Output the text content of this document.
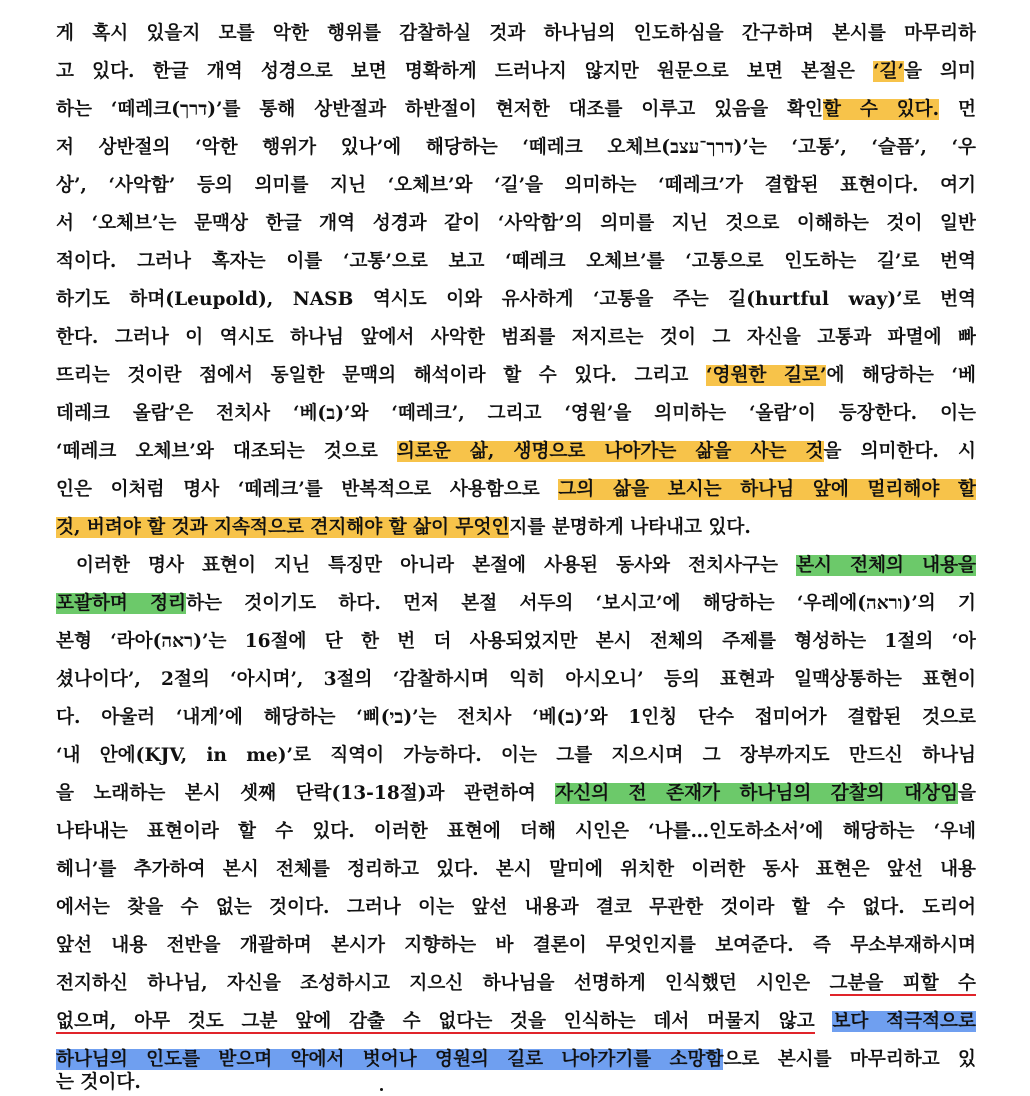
게 혹시 있을지 모를 악한 행위를 감찰하실 것과 하나님의 인도하심을 간구하며 본시를 마무리하
고 있다. 한글 개역 성경으로 보면 명확하게 드러나지 않지만 원문으로 보면 본절은 ‘길’을 의미
하는 ‘떼레크(דרך)’를 통해 상반절과 하반절이 현저한 대조를 이루고 있음을 확인할 수 있다. 먼
저 상반절의 ‘악한 행위가 있나’에 해당하는 ‘떼레크 오체브(דרך־עצב)’는 ‘고통’, ‘슬픔’, ‘우
상’, ‘사악함’ 등의 의미를 지닌 ‘오체브’와 ‘길’을 의미하는 ‘떼레크’가 결합된 표현이다. 여기
서 ‘오체브’는 문맥상 한글 개역 성경과 같이 ‘사악함’의 의미를 지닌 것으로 이해하는 것이 일반
적이다. 그러나 혹자는 이를 ‘고통’으로 보고 ‘떼레크 오체브’를 ‘고통으로 인도하는 길’로 번역
하기도 하며(Leupold), NASB 역시도 이와 유사하게 ‘고통을 주는 길(hurtful way)’로 번역
한다. 그러나 이 역시도 하나님 앞에서 사악한 범죄를 저지르는 것이 그 자신을 고통과 파멸에 빠
뜨리는 것이란 점에서 동일한 문맥의 해석이라 할 수 있다. 그리고 ‘영원한 길로’에 해당하는 ‘베
데레크 올람’은 전치사 ‘베(ב)’와 ‘떼레크’, 그리고 ‘영원’을 의미하는 ‘올람’이 등장한다. 이는
‘떼레크 오체브’와 대조되는 것으로 의로운 삶, 생명으로 나아가는 삶을 사는 것을 의미한다. 시
인은 이처럼 명사 ‘떼레크’를 반복적으로 사용함으로 그의 삶을 보시는 하나님 앞에 멀리해야 할
것, 버려야 할 것과 지속적으로 견지해야 할 삶이 무엇인지를 분명하게 나타내고 있다.
이러한 명사 표현이 지닌 특징만 아니라 본절에 사용된 동사와 전치사구는 본시 전체의 내용을
포괄하며 정리하는 것이기도 하다. 먼저 본절 서두의 ‘보시고’에 해당하는 ‘우레에(וראה)’의 기
본형 ‘라아(ראה)’는 16절에 단 한 번 더 사용되었지만 본시 전체의 주제를 형성하는 1절의 ‘아
셨나이다’, 2절의 ‘아시며’, 3절의 ‘감찰하시며 익히 아시오니’ 등의 표현과 일맥상통하는 표현이
다. 아울러 ‘내게’에 해당하는 ‘삐(בי)’는 전치사 ‘베(ב)’와 1인칭 단수 접미어가 결합된 것으로
‘내 안에(KJV, in me)’로 직역이 가능하다. 이는 그를 지으시며 그 장부까지도 만드신 하나님
을 노래하는 본시 셋째 단락(13-18절)과 관련하여 자신의 전 존재가 하나님의 감찰의 대상임을
나타내는 표현이라 할 수 있다. 이러한 표현에 더해 시인은 ‘나를…인도하소서’에 해당하는 ‘우네
헤니’를 추가하여 본시 전체를 정리하고 있다. 본시 말미에 위치한 이러한 동사 표현은 앞선 내용
에서는 찾을 수 없는 것이다. 그러나 이는 앞선 내용과 결코 무관한 것이라 할 수 없다. 도리어
앞선 내용 전반을 개괄하며 본시가 지향하는 바 결론이 무엇인지를 보여준다. 즉 무소부재하시며
전지하신 하나님, 자신을 조성하시고 지으신 하나님을 선명하게 인식했던 시인은 그분을 피할 수
없으며, 아무 것도 그분 앞에 감출 수 없다는 것을 인식하는 데서 머물지 않고 보다 적극적으로
하나님의 인도를 받으며 악에서 벗어나 영원의 길로 나아가기를 소망함으로 본시를 마무리하고 있
는 것이다.
